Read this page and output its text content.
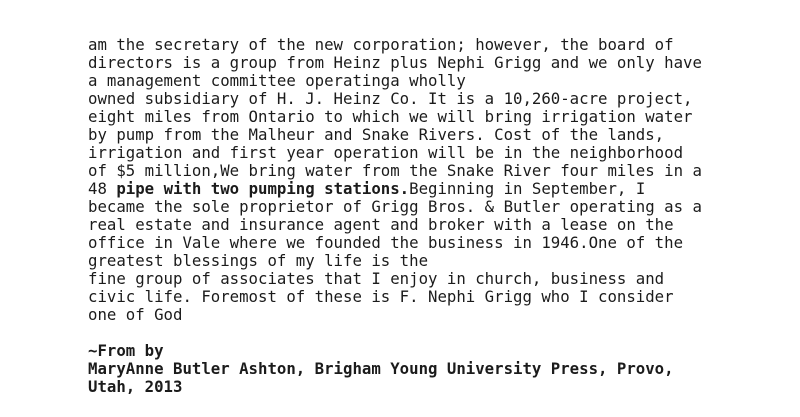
am the secretary of the new corporation; however, the board of
directors is a group from Heinz plus Nephi Grigg and we only have
a management committee operatinga wholly
owned subsidiary of H. J. Heinz Co. It is a 10,260-acre project,
eight miles from Ontario to which we will bring irrigation water
by pump from the Malheur and Snake Rivers. Cost of the lands,
irrigation and first year operation will be in the neighborhood
of $5 million,We bring water from the Snake River four miles in a
48 pipe with two pumping stations.Beginning in September, I
became the sole proprietor of Grigg Bros. & Butler operating as a
real estate and insurance agent and broker with a lease on the
office in Vale where we founded the business in 1946.One of the
greatest blessings of my life is the
fine group of associates that I enjoy in church, business and
civic life. Foremost of these is F. Nephi Grigg who I consider
one of God

~From by
MaryAnne Butler Ashton, Brigham Young University Press, Provo,
Utah, 2013
